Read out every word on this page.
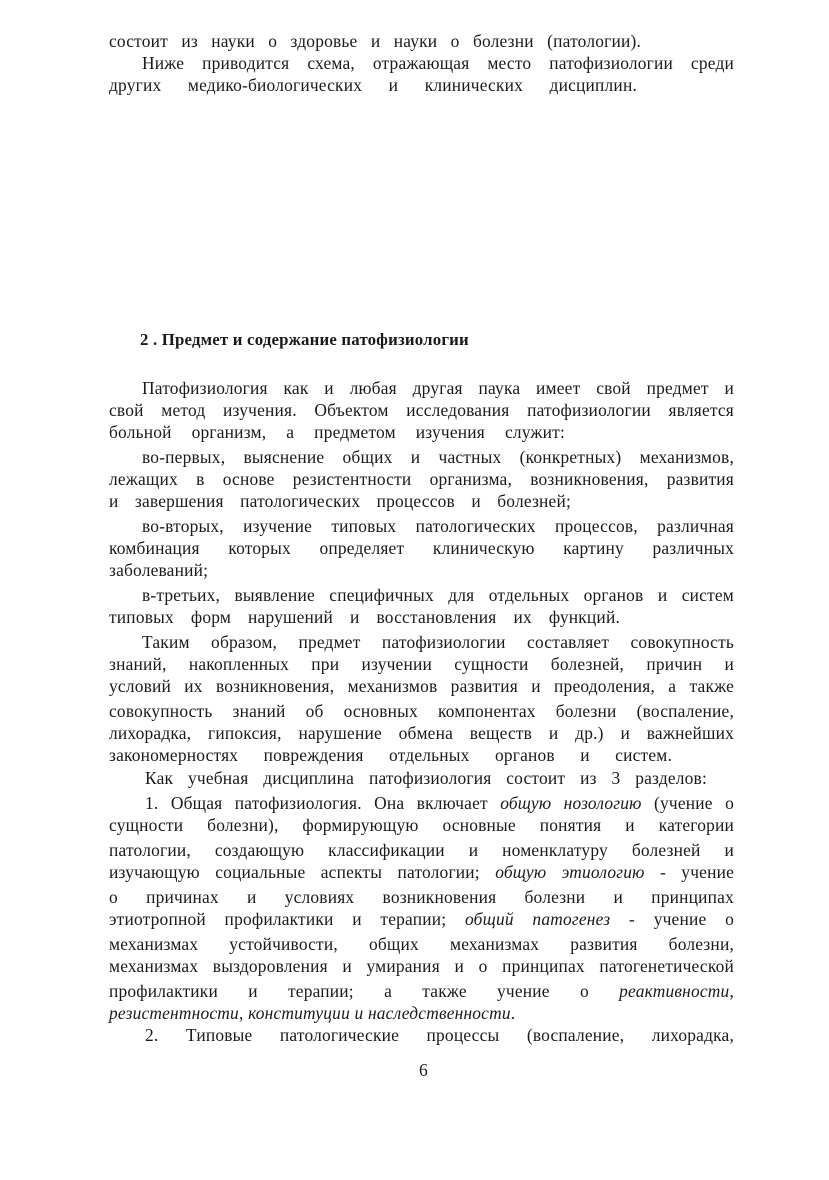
состоит из науки о здоровье и науки о болезни (патологии).
Ниже приводится схема, отражающая место патофизиологии среди
других медико-биологических и клинических дисциплин.
2 . Предмет и содержание патофизиологии
Патофизиология как и любая другая паука имеет свой предмет и
свой метод изучения. Объектом исследования патофизиологии является
больной организм, а предметом изучения служит:
во-первых, выяснение общих и частных (конкретных) механизмов,
лежащих в основе резистентности организма, возникновения, развития
и завершения патологических процессов и болезней;
во-вторых, изучение типовых патологических процессов, различная
комбинация которых определяет клиническую картину различных
заболеваний;
в-третьих, выявление специфичных для отдельных органов и систем
типовых форм нарушений и восстановления их функций.
Таким образом, предмет патофизиологии составляет совокупность
знаний, накопленных при изучении сущности болезней, причин и
условий их возникновения, механизмов развития и преодоления, а также
совокупность знаний об основных компонентах болезни (воспаление,
лихорадка, гипоксия, нарушение обмена веществ и др.) и важнейших
закономерностях повреждения отдельных органов и систем.
Как учебная дисциплина патофизиология состоит из 3 разделов:
1. Общая патофизиология. Она включает общую нозологию (учение о
сущности болезни), формирующую основные понятия и категории
патологии, создающую классификации и номенклатуру болезней и
изучающую социальные аспекты патологии; общую этиологию - учение
о причинах и условиях возникновения болезни и принципах
этиотропной профилактики и терапии; общий патогенез - учение о
механизмах устойчивости, общих механизмах развития болезни,
механизмах выздоровления и умирания и о принципах патогенетической
профилактики и терапии; а также учение о реактивности,
резистентности, конституции и наследственности.
2. Типовые патологические процессы (воспаление, лихорадка,
6
